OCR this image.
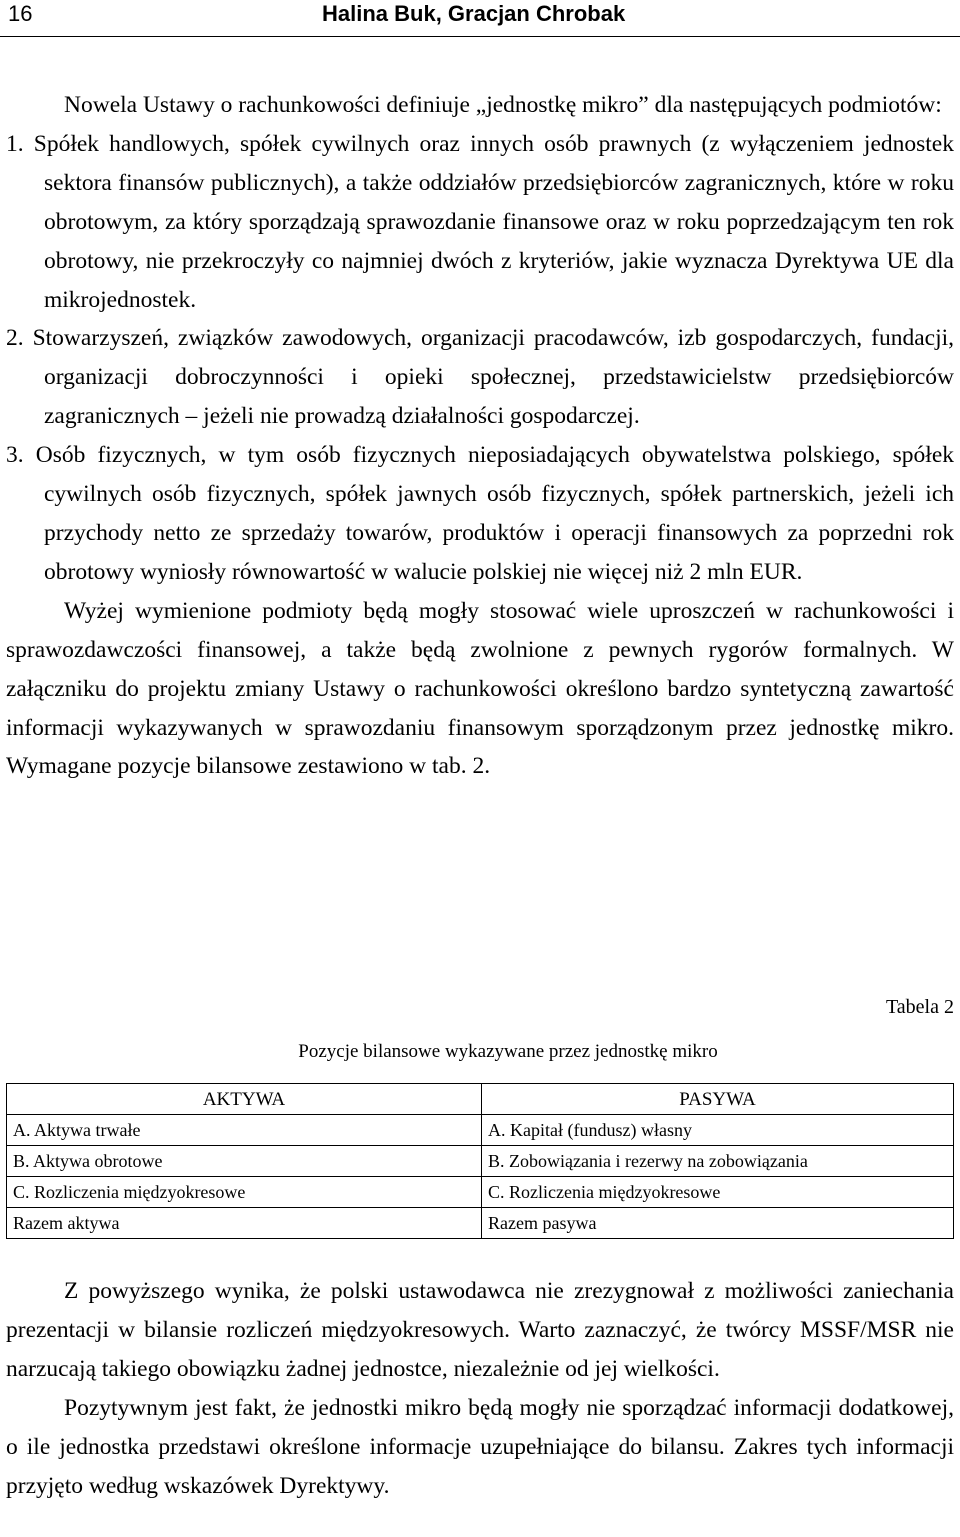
16	Halina Buk, Gracjan Chrobak

Nowela Ustawy o rachunkowości definiuje „jednostkę mikro” dla następujących podmiotów:

1. Spółek handlowych, spółek cywilnych oraz innych osób prawnych (z wyłączeniem jednostek sektora finansów publicznych), a także oddziałów przedsiębiorców zagranicznych, które w roku obrotowym, za który sporządzają sprawozdanie finansowe oraz w roku poprzedzającym ten rok obrotowy, nie przekroczyły co najmniej dwóch z kryteriów, jakie wyznacza Dyrektywa UE dla mikrojednostek.

2. Stowarzyszeń, związków zawodowych, organizacji pracodawców, izb gospodarczych, fundacji, organizacji dobroczynności i opieki społecznej, przedstawicielstw przedsiębiorców zagranicznych – jeżeli nie prowadzą działalności gospodarczej.

3. Osób fizycznych, w tym osób fizycznych nieposiadających obywatelstwa polskiego, spółek cywilnych osób fizycznych, spółek jawnych osób fizycznych, spółek partnerskich, jeżeli ich przychody netto ze sprzedaży towarów, produktów i operacji finansowych za poprzedni rok obrotowy wyniosły równowartość w walucie polskiej nie więcej niż 2 mln EUR.

Wyżej wymienione podmioty będą mogły stosować wiele uproszczeń w rachunkowości i sprawozdawczości finansowej, a także będą zwolnione z pewnych rygorów formalnych. W załączniku do projektu zmiany Ustawy o rachunkowości określono bardzo syntetyczną zawartość informacji wykazywanych w sprawozdaniu finansowym sporządzonym przez jednostkę mikro. Wymagane pozycje bilansowe zestawiono w tab. 2.

Tabela 2
Pozycje bilansowe wykazywane przez jednostkę mikro
AKTYWA	PASYWA
A. Aktywa trwałe	A. Kapitał (fundusz) własny
B. Aktywa obrotowe	B. Zobowiązania i rezerwy na zobowiązania
C. Rozliczenia międzyokresowe	C. Rozliczenia międzyokresowe
Razem aktywa	Razem pasywa

Z powyższego wynika, że polski ustawodawca nie zrezygnował z możliwości zaniechania prezentacji w bilansie rozliczeń międzyokresowych. Warto zaznaczyć, że twórcy MSSF/MSR nie narzucają takiego obowiązku żadnej jednostce, niezależnie od jej wielkości.

Pozytywnym jest fakt, że jednostki mikro będą mogły nie sporządzać informacji dodatkowej, o ile jednostka przedstawi określone informacje uzupełniające do bilansu. Zakres tych informacji przyjęto według wskazówek Dyrektywy.
